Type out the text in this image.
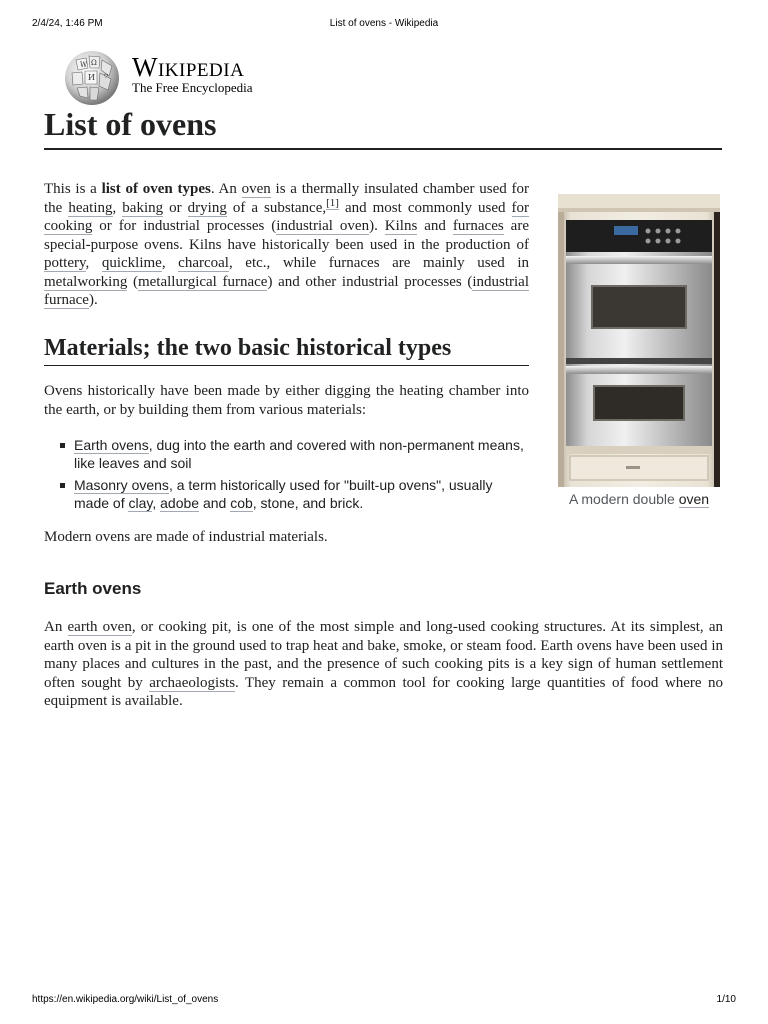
2/4/24, 1:46 PM	List of ovens - Wikipedia
W Ω
И ウ Wikipedia
The Free Encyclopedia
List of ovens

This is a list of oven types. An oven is a thermally insulated chamber used for the heating, baking or drying of a substance,[1] and most commonly used for cooking or for industrial processes (industrial oven). Kilns and furnaces are special-purpose ovens. Kilns have historically been used in the production of pottery, quicklime, charcoal, etc., while furnaces are mainly used in metalworking (metallurgical furnace) and other industrial processes (industrial furnace).

Materials; the two basic historical types

Ovens historically have been made by either digging the heating chamber into the earth, or by building them from various materials:

Earth ovens, dug into the earth and covered with non-permanent means, like leaves and soil
Masonry ovens, a term historically used for "built-up ovens", usually made of clay, adobe and cob, stone, and brick.

Modern ovens are made of industrial materials.

Earth ovens

An earth oven, or cooking pit, is one of the most simple and long-used cooking structures. At its simplest, an earth oven is a pit in the ground used to trap heat and bake, smoke, or steam food. Earth ovens have been used in many places and cultures in the past, and the presence of such cooking pits is a key sign of human settlement often sought by archaeologists. They remain a common tool for cooking large quantities of food where no equipment is available.

A modern double oven
https://en.wikipedia.org/wiki/List_of_ovens	1/10
